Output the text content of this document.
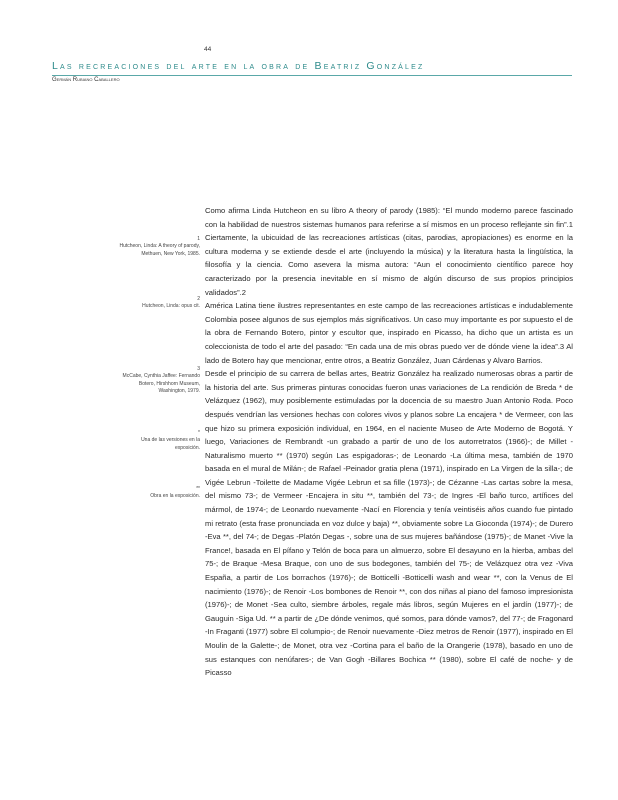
44
Las recreaciones del arte en la obra de Beatriz González
Germán Rubiano Caballero
1
Hutcheon, Linda: A theory of parody, Methuen, New York, 1985.
2
Hutcheon, Linda: opus cit.
3
McCabe, Cynthia Jaffee: Fernando Botero, Hirshhorn Museum, Washington, 1979.
*
Una de las versiones en la exposición.
**
Obra en la exposición.

Como afirma Linda Hutcheon en su libro A theory of parody (1985): “El mundo moderno parece fascinado con la habilidad de nuestros sistemas humanos para referirse a sí mismos en un proceso reflejante sin fin”.1 Ciertamente, la ubicuidad de las recreaciones artísticas (citas, parodias, apropiaciones) es enorme en la cultura moderna y se extiende desde el arte (incluyendo la música) y la literatura hasta la lingüística, la filosofía y la ciencia. Como asevera la misma autora: “Aun el conocimiento científico parece hoy caracterizado por la presencia inevitable en sí mismo de algún discurso de sus propios principios validados”.2

América Latina tiene ilustres representantes en este campo de las recreaciones artísticas e indudablemente Colombia posee algunos de sus ejemplos más significativos. Un caso muy importante es por supuesto el de la obra de Fernando Botero, pintor y escultor que, inspirado en Picasso, ha dicho que un artista es un coleccionista de todo el arte del pasado: “En cada una de mis obras puedo ver de dónde viene la idea”.3 Al lado de Botero hay que mencionar, entre otros, a Beatriz González, Juan Cárdenas y Alvaro Barrios.

Desde el principio de su carrera de bellas artes, Beatriz González ha realizado numerosas obras a partir de la historia del arte. Sus primeras pinturas conocidas fueron unas variaciones de La rendición de Breda * de Velázquez (1962), muy posiblemente estimuladas por la docencia de su maestro Juan Antonio Roda. Poco después vendrían las versiones hechas con colores vivos y planos sobre La encajera * de Vermeer, con las que hizo su primera exposición individual, en 1964, en el naciente Museo de Arte Moderno de Bogotá. Y luego, Variaciones de Rembrandt -un grabado a partir de uno de los autorretratos (1966)-; de Millet -Naturalismo muerto ** (1970) según Las espigadoras-; de Leonardo -La última mesa, también de 1970 basada en el mural de Milán-; de Rafael -Peinador gratia plena (1971), inspirado en La Virgen de la silla-; de Vigée Lebrun -Toilette de Madame Vigée Lebrun et sa fille (1973)-; de Cézanne -Las cartas sobre la mesa, del mismo 73-; de Vermeer -Encajera in situ **, también del 73-; de Ingres -El baño turco, artífices del mármol, de 1974-; de Leonardo nuevamente -Nací en Florencia y tenía veintiséis años cuando fue pintado mi retrato (esta frase pronunciada en voz dulce y baja) **, obviamente sobre La Gioconda (1974)-; de Durero -Eva **, del 74-; de Degas -Platón Degas -, sobre una de sus mujeres bañándose (1975)-; de Manet -Vive la France!, basada en El pífano y Telón de boca para un almuerzo, sobre El desayuno en la hierba, ambas del 75-; de Braque -Mesa Braque, con uno de sus bodegones, también del 75-; de Velázquez otra vez -Viva España, a partir de Los borrachos (1976)-; de Botticelli -Botticelli wash and wear **, con la Venus de El nacimiento (1976)-; de Renoir -Los bombones de Renoir **, con dos niñas al piano del famoso impresionista (1976)-; de Monet -Sea culto, siembre árboles, regale más libros, según Mujeres en el jardín (1977)-; de Gauguin -Siga Ud. ** a partir de ¿De dónde venimos, qué somos, para dónde vamos?, del 77-; de Fragonard -In Fraganti (1977) sobre El columpio-; de Renoir nuevamente -Diez metros de Renoir (1977), inspirado en El Moulin de la Galette-; de Monet, otra vez -Cortina para el baño de la Orangerie (1978), basado en uno de sus estanques con nenúfares-; de Van Gogh -Billares Bochica ** (1980), sobre El café de noche- y de Picasso
